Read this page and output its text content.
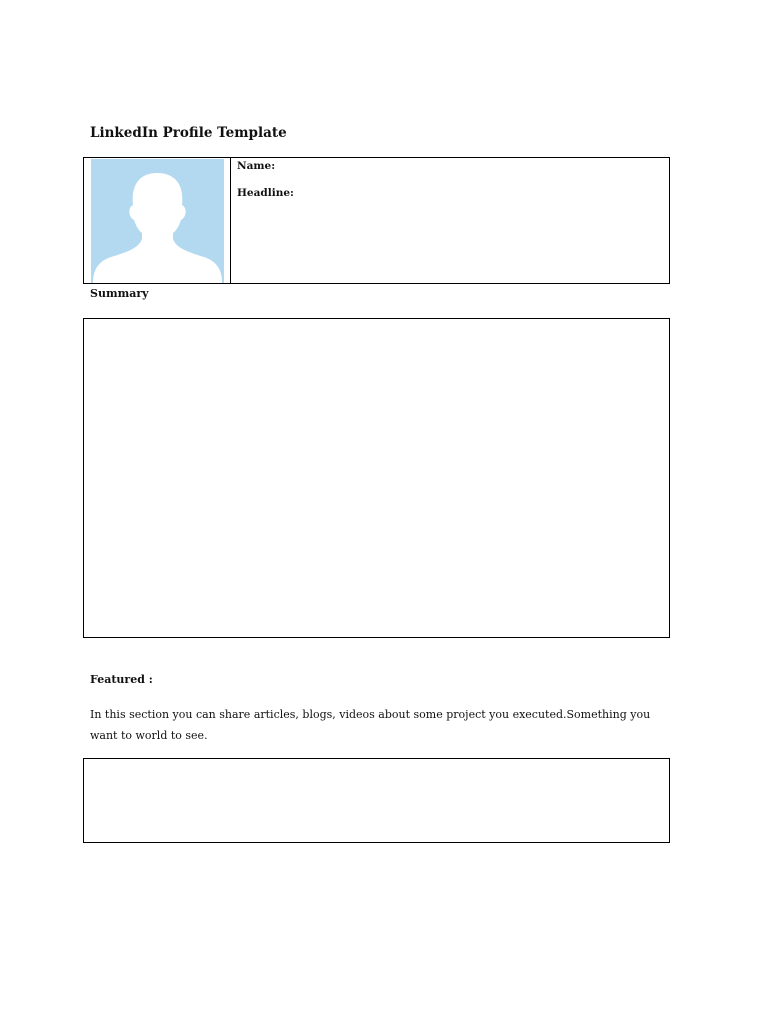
LinkedIn Profile Template
Name:
Headline:
Summary
Featured :
In this section you can share articles, blogs, videos about some project you executed.Something you want to world to see.
